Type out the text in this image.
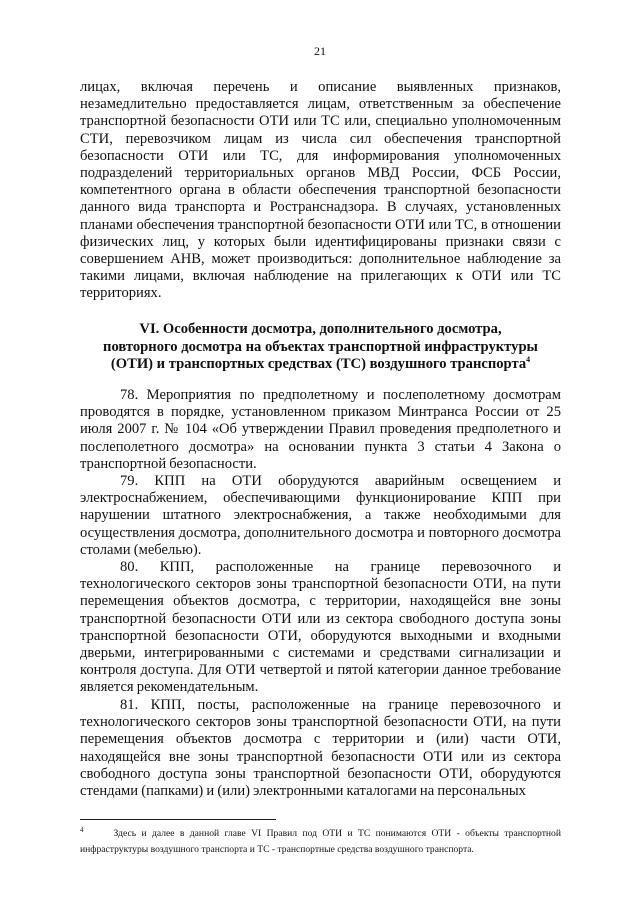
21

лицах, включая перечень и описание выявленных признаков, незамедлительно предоставляется лицам, ответственным за обеспечение транспортной безопасности ОТИ или ТС или, специально уполномоченным СТИ, перевозчиком лицам из числа сил обеспечения транспортной безопасности ОТИ или ТС, для информирования уполномоченных подразделений территориальных органов МВД России, ФСБ России, компетентного органа в области обеспечения транспортной безопасности данного вида транспорта и Ространснадзора. В случаях, установленных планами обеспечения транспортной безопасности ОТИ или ТС, в отношении физических лиц, у которых были идентифицированы признаки связи с совершением АНВ, может производиться: дополнительное наблюдение за такими лицами, включая наблюдение на прилегающих к ОТИ или ТС территориях.

VI. Особенности досмотра, дополнительного досмотра,
повторного досмотра на объектах транспортной инфраструктуры
(ОТИ) и транспортных средствах (ТС) воздушного транспорта$^4$

78. Мероприятия по предполетному и послеполетному досмотрам проводятся в порядке, установленном приказом Минтранса России от 25 июля 2007 г. № 104 «Об утверждении Правил проведения предполетного и послеполетного досмотра» на основании пункта 3 статьи 4 Закона о транспортной безопасности.

79. КПП на ОТИ оборудуются аварийным освещением и электроснабжением, обеспечивающими функционирование КПП при нарушении штатного электроснабжения, а также необходимыми для осуществления досмотра, дополнительного досмотра и повторного досмотра столами (мебелью).

80. КПП, расположенные на границе перевозочного и технологического секторов зоны транспортной безопасности ОТИ, на пути перемещения объектов досмотра, с территории, находящейся вне зоны транспортной безопасности ОТИ или из сектора свободного доступа зоны транспортной безопасности ОТИ, оборудуются выходными и входными дверьми, интегрированными с системами и средствами сигнализации и контроля доступа. Для ОТИ четвертой и пятой категории данное требование является рекомендательным.

81. КПП, посты, расположенные на границе перевозочного и технологического секторов зоны транспортной безопасности ОТИ, на пути перемещения объектов досмотра с территории и (или) части ОТИ, находящейся вне зоны транспортной безопасности ОТИ или из сектора свободного доступа зоны транспортной безопасности ОТИ, оборудуются стендами (папками) и (или) электронными каталогами на персональных

$^4$	Здесь и далее в данной главе VI Правил под ОТИ и ТС понимаются ОТИ - объекты транспортной инфраструктуры воздушного транспорта и ТС - транспортные средства воздушного транспорта.
